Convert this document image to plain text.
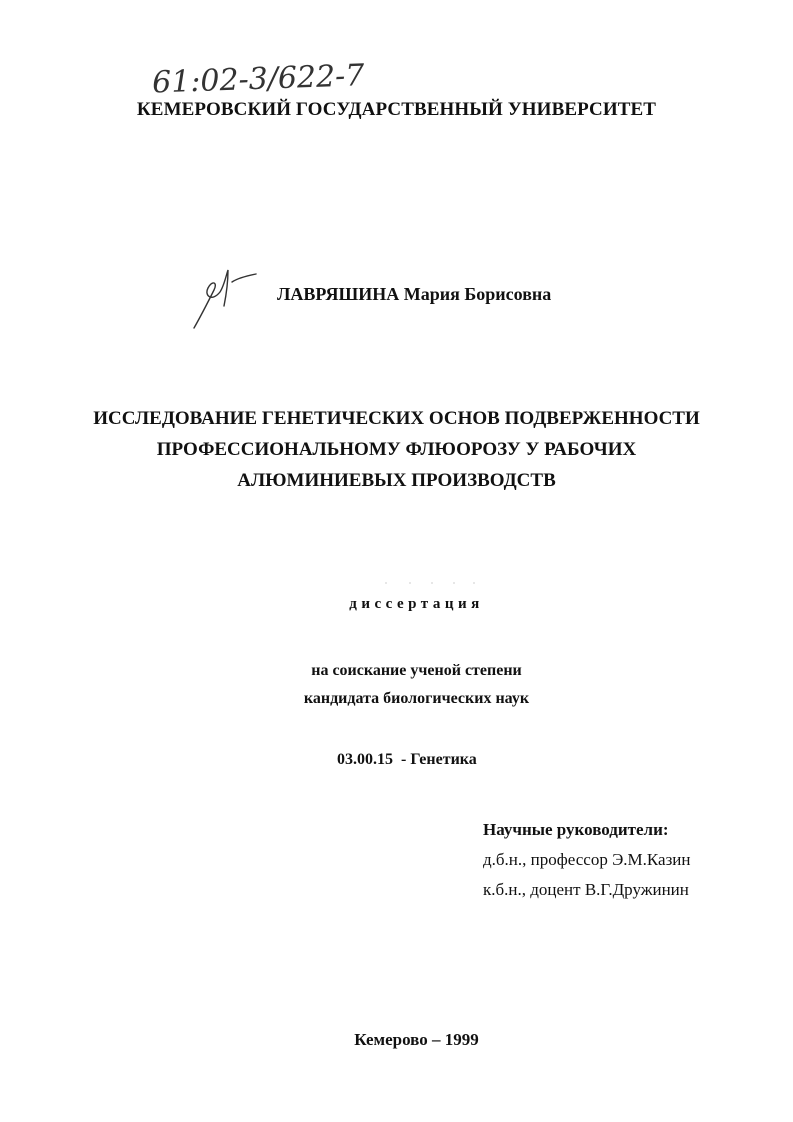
61:02-3/622-7
КЕМЕРОВСКИЙ ГОСУДАРСТВЕННЫЙ УНИВЕРСИТЕТ
ЛАВРЯШИНА Мария Борисовна
ИССЛЕДОВАНИЕ ГЕНЕТИЧЕСКИХ ОСНОВ ПОДВЕРЖЕННОСТИ
ПРОФЕССИОНАЛЬНОМУ ФЛЮОРОЗУ У РАБОЧИХ
АЛЮМИНИЕВЫХ ПРОИЗВОДСТВ
диссертация
на соискание ученой степени
кандидата биологических наук
03.00.15  - Генетика
Научные руководители:
д.б.н., профессор Э.М.Казин
к.б.н., доцент В.Г.Дружинин
Кемерово – 1999
